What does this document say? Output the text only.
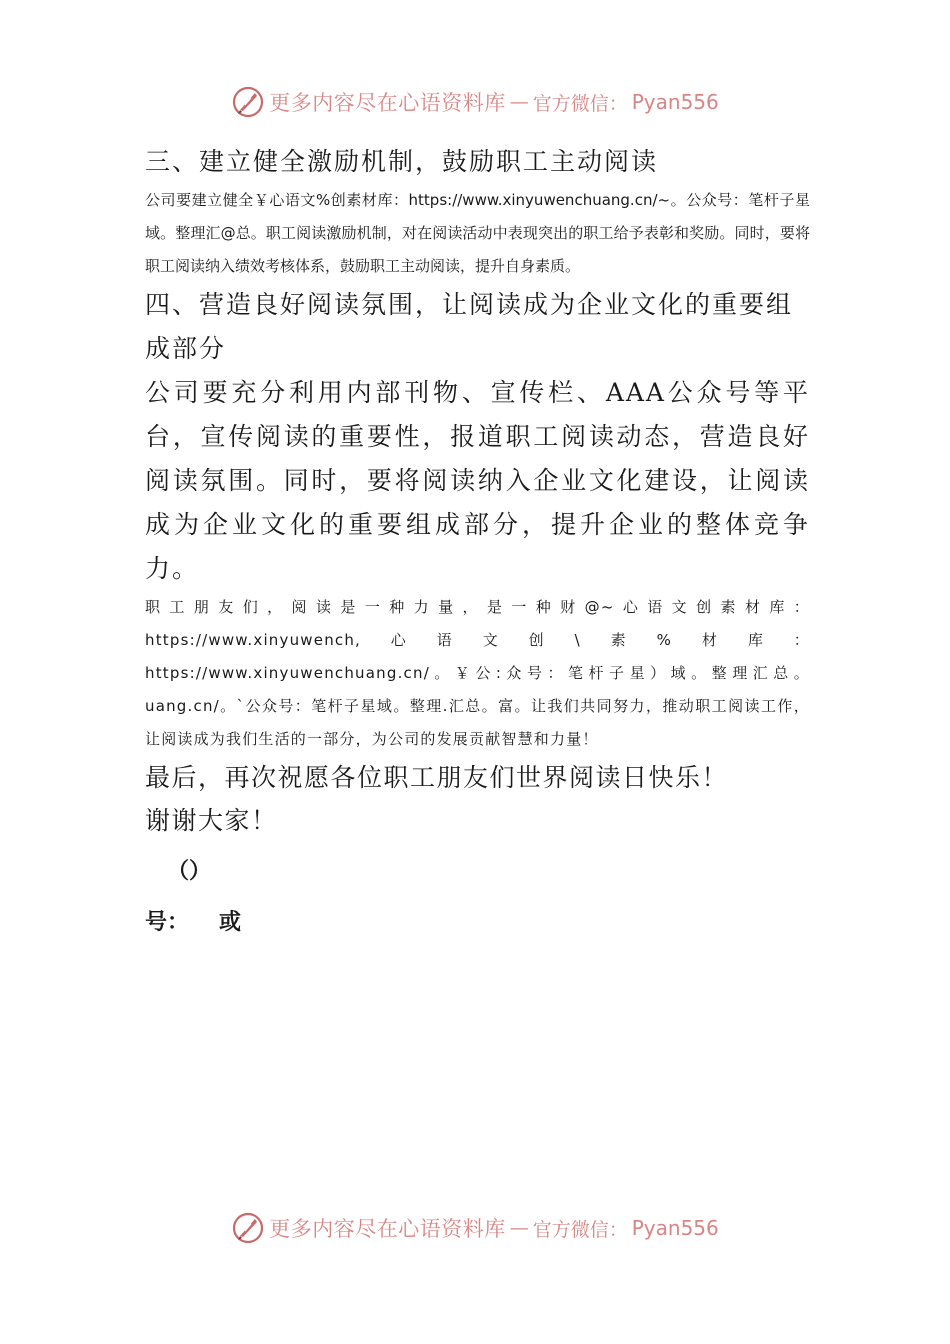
更多内容尽在心语资料库 — 官方微信： Pyan556

三、建立健全激励机制，鼓励职工主动阅读

公司要建立健全￥心语文%创素材库：https://www.xinyuwenchuang.cn/~。公众号：笔杆子星域。整理汇@总。职工阅读激励机制，对在阅读活动中表现突出的职工给予表彰和奖励。同时，要将职工阅读纳入绩效考核体系，鼓励职工主动阅读，提升自身素质。

四、营造良好阅读氛围，让阅读成为企业文化的重要组成部分

公司要充分利用内部刊物、宣传栏、AAA公众号等平台，宣传阅读的重要性，报道职工阅读动态，营造良好阅读氛围。同时，要将阅读纳入企业文化建设，让阅读成为企业文化的重要组成部分，提升企业的整体竞争力。

职工朋友们，阅读是一种力量，是一种财@~心语文创素材库：https://www.xinyuwench,心语文创\素%材库：https://www.xinyuwenchuang.cn/。￥公:众号：笔杆子星）域。整理汇总。uang.cn/。`公众号：笔杆子星域。整理.汇总。富。让我们共同努力，推动职工阅读工作，让阅读成为我们生活的一部分，为公司的发展贡献智慧和力量！

最后，再次祝愿各位职工朋友们世界阅读日快乐！

谢谢大家！

（）

号： 或

更多内容尽在心语资料库 — 官方微信： Pyan556
